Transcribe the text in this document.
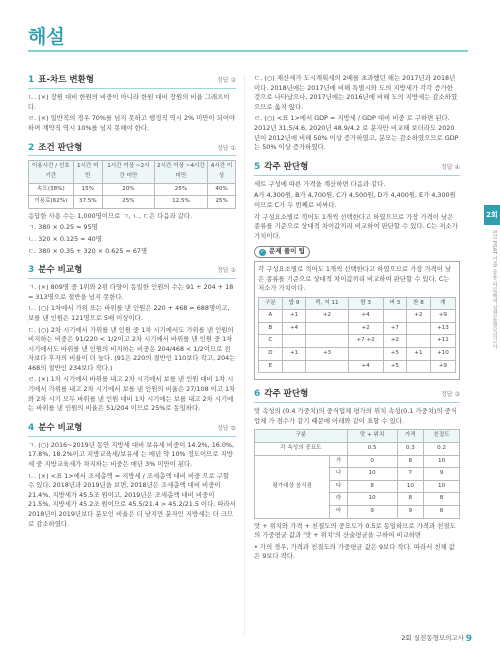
해설
1 표-차트 변환형	정답 ②

ㄴ. (×) 장원 대비 한원의 비중이 아니라 한원 대비 장원의 비율 그래프이다.

ㄹ. (×) 일반직의 경우 70%를 넘지 못하고 행정직 역시 2% 미만이 되어야 하며 계약직 역시 10%를 넘지 못해야 한다.

2 조건 판단형	정답 ①
이용시간 / 선호기간	1시간 미만	1시간 이상 ~2시간 미만	2시간 이상 ~4시간 미만	4시간 이상
속도(38%)	15%	20%	25%	40%
이용료(62%)	37.5%	25%	12.5%	25%

응답한 사용 수는 1,000명이므로 ㄱ, ㄴ, ㄷ은 다음과 같다.

ㄱ. 380 × 0.25 = 95명

ㄴ. 320 × 0.125 = 40명

ㄷ. 380 × 0.35 + 320 × 0.625 = 67명

3 분수 비교형	정답 ①

ㄱ. (×) 809명 중 1위와 2위 다양이 동일한 인원의 수는 91 + 204 + 18 = 313명으로 절반을 넘지 못한다.

ㄴ. (○) 1차에서 가위 또는 바위를 낸 인원은 220 + 468 = 688명이고, 보를 낸 인원은 121명으로 5배 이상이다.

ㄷ. (○) 2차 시기에서 가위를 낸 인원 중 1차 시기에서도 가위를 낸 인원의 비지하는 비중은 91/220 < 1/2이고 2차 시기에서 바위를 낸 인원 중 1차 시기에서도 바위를 낸 인원의 비지하는 비중은 204/468 < 1/2이므로 전자보다 후자의 비율이 더 높다. (91은 220의 절반인 110보다 작고, 204는 468의 절반인 234보다 작다.)

ㄹ. (×) 1차 시기에서 바위를 내고 2차 시기에서 보를 낸 인원 대비 1차 시기에서 가위를 내고 2차 시기에서 보를 낸 인원의 비율은 27/108 이고 1차와 2차 시기 모두 바위를 낸 인원 대비 1차 시기에는 보를 내고 2차 시기에는 바위를 낸 인원의 비율은 51/204 이므로 25%로 동일하다.

4 분수 비교형	정답 ⑤

ㄱ. (○) 2016~2019년 동안 지방세 대비 보유세 비중이 14.2%, 16.0%, 17.8%, 18.2%이고 지방교육세/보유세 는 매년 약 10% 정도이므로 지방세 중 지방교육세가 차지하는 비중은 매년 3% 미만이 된다.

ㄴ. (×) <표 1>에서 조세총액 = 지방세 / 조세총액 대비 비중 으로 구할 수 있다. 2018년과 2019년을 보면, 2018년은 조세총액 대비 비중이 21.4%, 지방세가 45.5조 원이고, 2019년은 조세총액 대비 비중이 21.5%, 지방세가 45.2조 원이므로 45.5/21.4 > 45.2/21.5 이다. 따라서 2018년이 2019년보다 분모인 비율은 더 낮지만 분자인 지방세는 더 크므로 감소하였다.

ㄷ. (○) 재산세가 도시계획세의 2배를 초과했던 해는 2017년과 2018년이다. 2018년에는 2017년에 비해 특별시와 도의 지방세가 각각 증가한 것으로 나타났으나, 2017년에는 2016년에 비해 도의 지방세는 감소하였으므로 옳지 않다.

ㄹ. (○) <표 1>에서 GDP = 지방세 / GDP 대비 비중 로 구하면 된다. 2012년 31.5/4.6, 2020년 48.9/4.2 로 분자만 비교해 보더라도 2020년이 2012년에 비해 50% 이상 증가하였고, 분모는 감소하였으므로 GDP는 50% 이상 증가하였다.

5 각주 판단형	정답 ④

세트 구성에 따른 가격을 계산하면 다음과 같다.

A가 4,300원, B가 4,700원, C가 4,500원, D가 4,400원, E가 4,300원이므로 C가 두 번째로 비싸다.

각 구성요소별로 적어도 1개씩 선택한다고 하였으므로 가장 가격이 낮은 종류를 기준으로 상대적 차이값끼리 비교하여 판단할 수 있다. C는 저소가 가치이다.

✓ 문제 풀이 팁

각 구성요소별로 적어도 1개씩 선택한다고 하였으므로 가장 가격이 낮은 종류를 기준으로 상대적 차이값끼리 비교하여 판단할 수 있다. C는 저소가 가치이다.

구분	밥 9	떡, 저 11	쌈 3	버 3	찬 8	계
A	+1	+2	+4		+2	+9
B	+4		+2	+7		+13
C			+7 +2	+2		+11
D	+1	+3		+5	+1	+10
E			+4	+5		+9
6 각주 판단형	정답 ③

맛 속성의 (0.4 가중치)의 중식업체 평가의 위치 속성(0.1 가중치)의 중식업체 가 점수가 같기 때문에 아래와 같이 표할 수 있다.

구분		맛 + 위치	가격	친절도
각 속성의 중요도		0.5	0.3	0.2
평가대상 음식점	가	0	8	10
	나	10	7	9
	다	8	10	10
	라	10	8	8
	마	9	9	8

맛 + 위치와 가격 + 친절도의 중요도가 0.5로 동일하므로 가격과 친절도의 가중평균 값과 '맛 + 위치'의 산술평균을 구하여 비교하면

• 가의 경우, 가격과 친절도의 가중평균 값은 9보다 작다. 따라서 친체 값은 9보다 작다.

2회
5급 PSAT 기출 응용 자료해석 실전동형모의고사
2회 실전동형모의고사 9
